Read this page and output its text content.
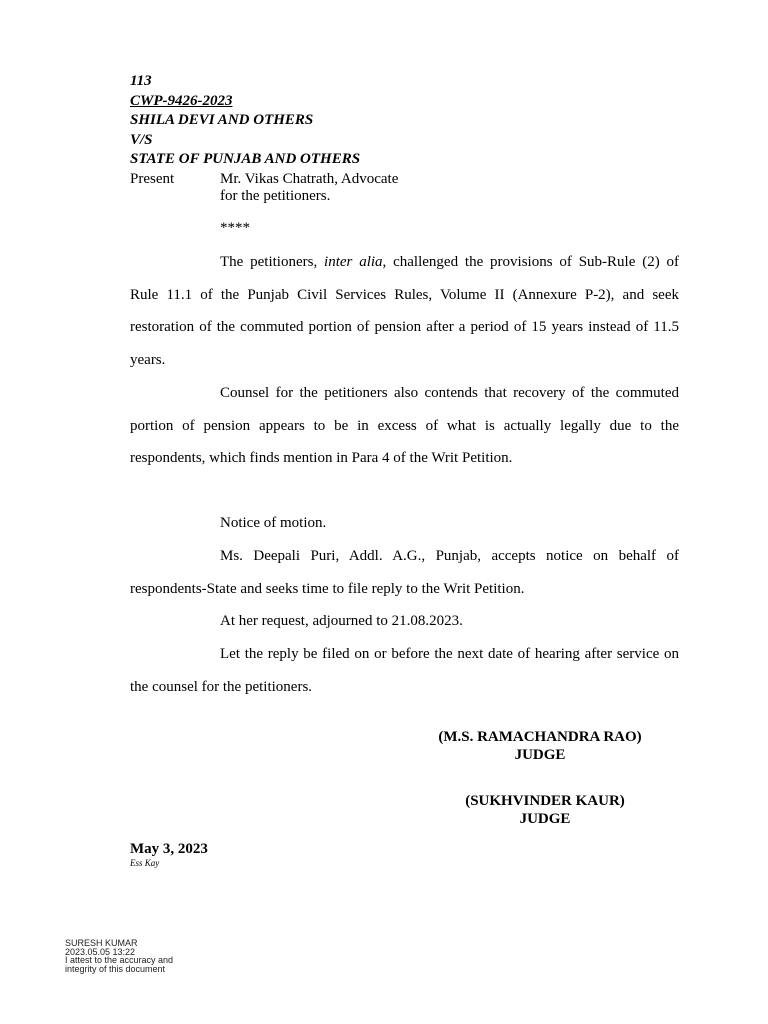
113
CWP-9426-2023
SHILA DEVI AND OTHERS
V/S
STATE OF PUNJAB AND OTHERS
Present	Mr. Vikas Chatrath, Advocate
for the petitioners.
****

The petitioners, inter alia, challenged the provisions of Sub-Rule (2) of Rule 11.1 of the Punjab Civil Services Rules, Volume II (Annexure P-2), and seek restoration of the commuted portion of pension after a period of 15 years instead of 11.5 years.

Counsel for the petitioners also contends that recovery of the commuted portion of pension appears to be in excess of what is actually legally due to the respondents, which finds mention in Para 4 of the Writ Petition.

Notice of motion.

Ms. Deepali Puri, Addl. A.G., Punjab, accepts notice on behalf of respondents-State and seeks time to file reply to the Writ Petition.

At her request, adjourned to 21.08.2023.

Let the reply be filed on or before the next date of hearing after service on the counsel for the petitioners.

(M.S. RAMACHANDRA RAO)
JUDGE
(SUKHVINDER KAUR)
JUDGE
May 3, 2023
Ess Kay
SURESH KUMAR
2023.05.05 13:22
I attest to the accuracy and
integrity of this document
